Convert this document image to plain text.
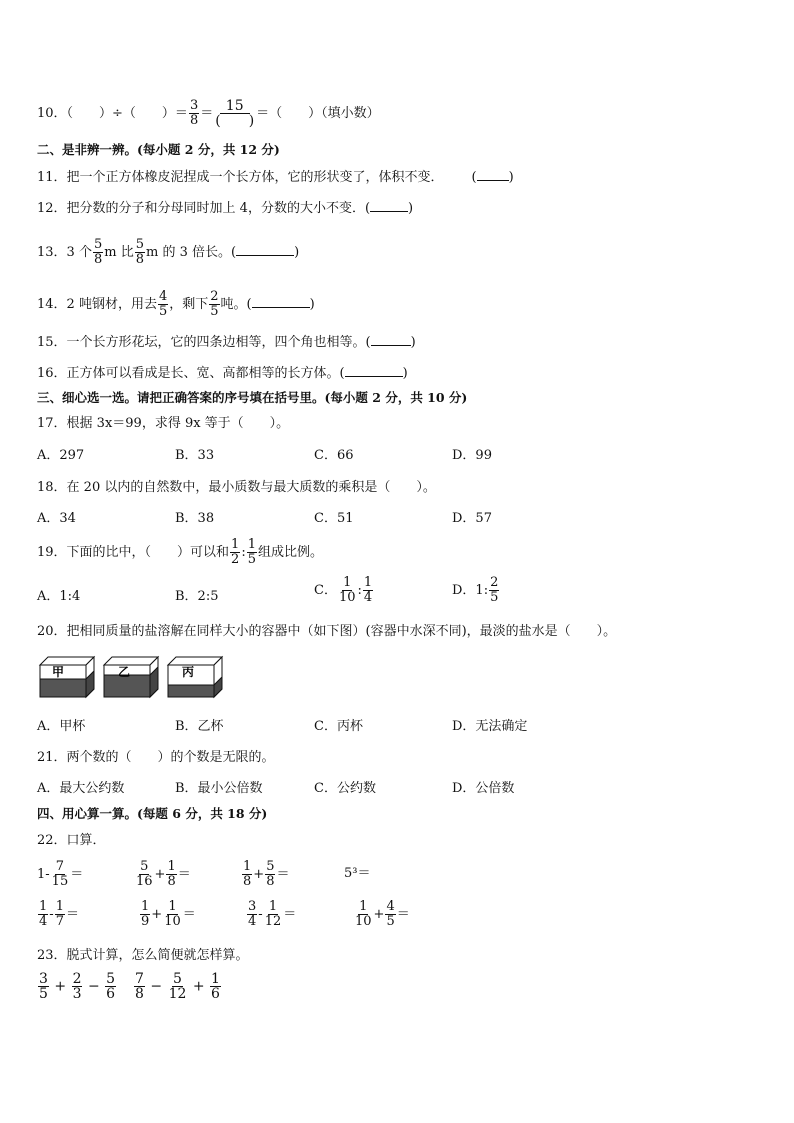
10．（　　）÷（　　）＝ $\frac{3}{8} = \frac{15}{( )}$ ＝（　　）（填小数）
二、是非辨一辨。(每小题 2 分，共 12 分)
11．把一个正方体橡皮泥捏成一个长方体，它的形状变了，体积不变． ( )
12．把分数的分子和分母同时加上 4，分数的大小不变．(	)
13．3 个 $\frac{5}{8}$ m 比 $\frac{5}{8}$ m 的 3 倍长。(	)
14．2 吨钢材，用去 $\frac{4}{5}$ ，剩下 $\frac{2}{5}$ 吨。(	)
15．一个长方形花坛，它的四条边相等，四个角也相等。(	)
16．正方体可以看成是长、宽、高都相等的长方体。(	)
三、细心选一选。请把正确答案的序号填在括号里。(每小题 2 分，共 10 分)
17．根据 3x＝99，求得 9x 等于（　　）。
A．297	B．33	C．66	D．99
18．在 20 以内的自然数中，最小质数与最大质数的乘积是（　　）。
A．34	B．38	C．51	D．57
19．下面的比中，（　　）可以和 $\frac{1}{2}$ : $\frac{1}{5}$ 组成比例。
A．1:4	B．2:5	C． $\frac{1}{10}$ : $\frac{1}{4}$	D．1: $\frac{2}{5}$
20．把相同质量的盐溶解在同样大小的容器中（如下图）(容器中水深不同)，最淡的盐水是（　　）。
甲	乙	丙
A．甲杯	B．乙杯	C．丙杯	D．无法确定
21．两个数的（　　）的个数是无限的。
A．最大公约数	B．最小公倍数	C．公约数	D．公倍数
四、用心算一算。(每题 6 分，共 18 分)
22．口算．
$1- \frac{7}{15}$ ＝	$\frac{5}{16} + \frac{1}{8}$ ＝	$\frac{1}{8} + \frac{5}{8}$ ＝	5³＝
$\frac{1}{4} - \frac{1}{7}$ ＝	$\frac{1}{9} + \frac{1}{10}$ ＝	$\frac{3}{4} - \frac{1}{12}$ ＝	$\frac{1}{10} + \frac{4}{5}$ ＝
23．脱式计算，怎么简便就怎样算。
$\frac{3}{5} + \frac{2}{3} - \frac{5}{6} \frac{7}{8} - \frac{5}{12} + \frac{1}{6}$
